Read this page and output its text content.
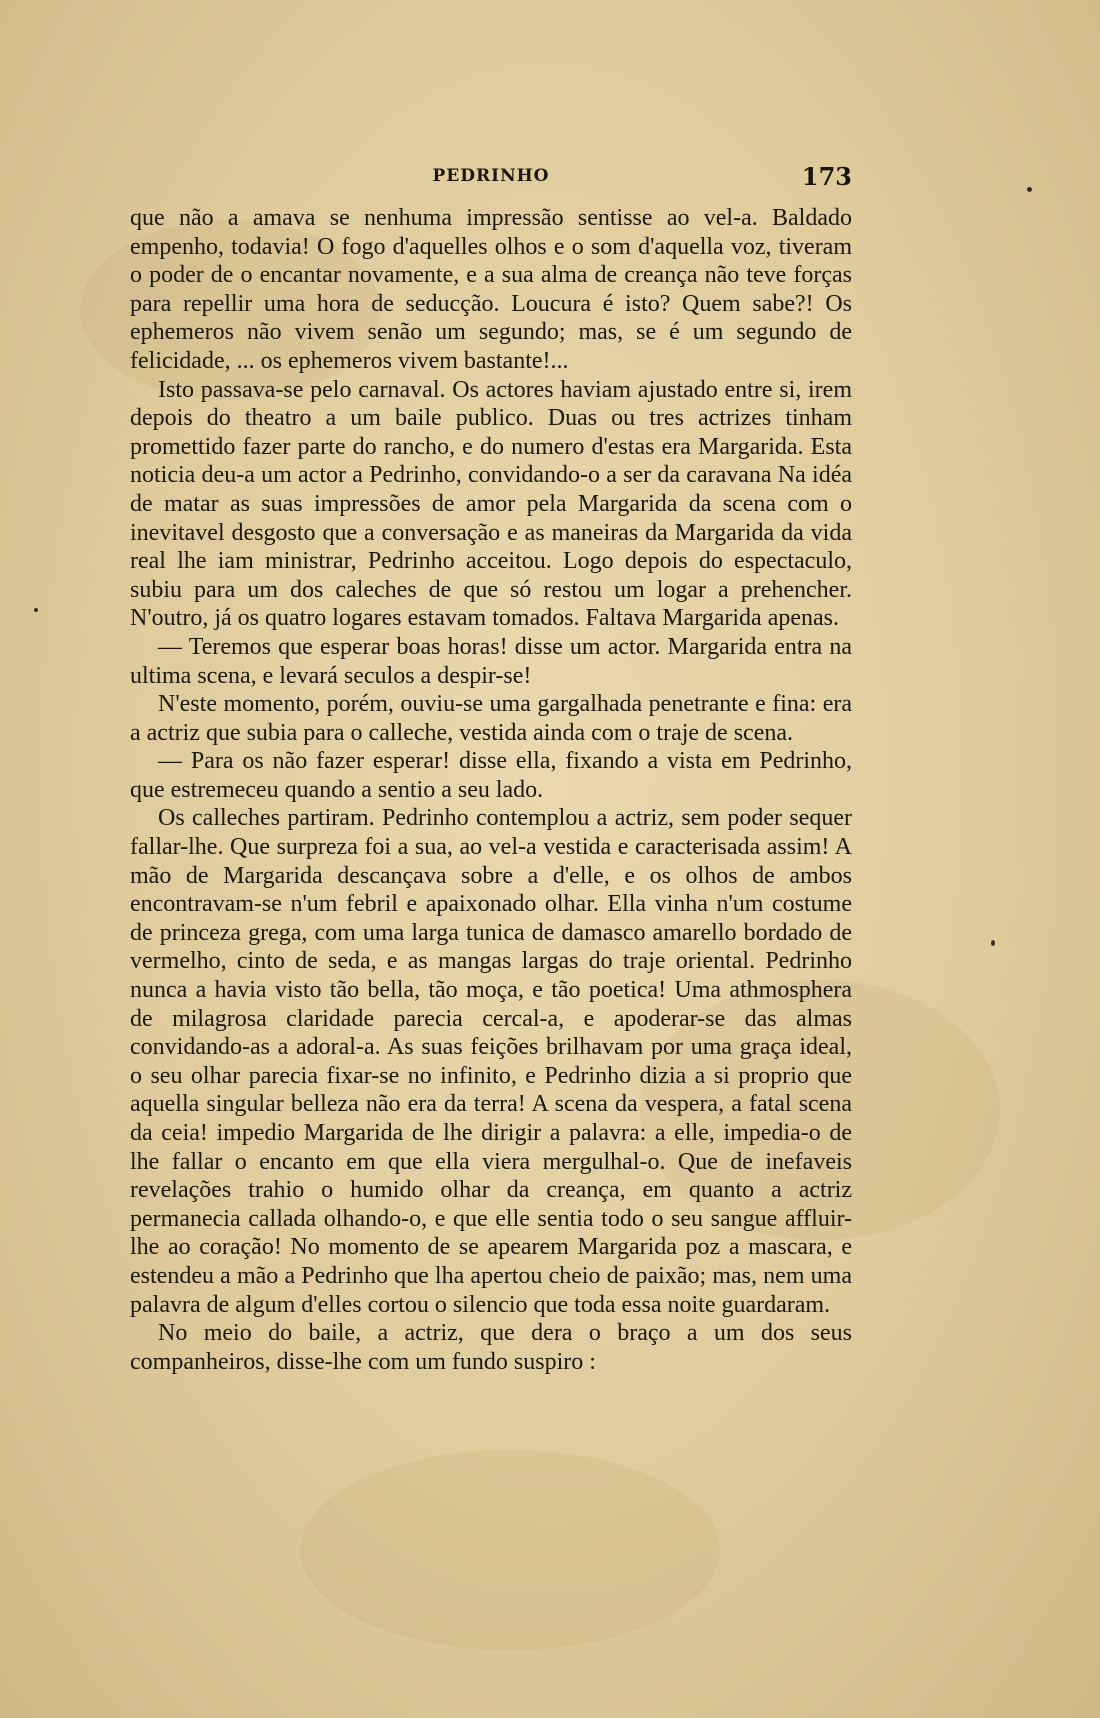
PEDRINHO	173

que não a amava se nenhuma impressão sentisse ao vel-a. Baldado empenho, todavia! O fogo d'aquelles olhos e o som d'aquella voz, tiveram o poder de o encantar novamente, e a sua alma de creança não teve forças para repellir uma hora de seducção. Loucura é isto? Quem sabe?! Os ephemeros não vivem senão um segundo; mas, se é um segundo de felicidade, ... os ephemeros vivem bastante!...

Isto passava-se pelo carnaval. Os actores haviam ajustado entre si, irem depois do theatro a um baile publico. Duas ou tres actrizes tinham promettido fazer parte do rancho, e do numero d'estas era Margarida. Esta noticia deu-a um actor a Pedrinho, convidando-o a ser da caravana Na idéa de matar as suas impressões de amor pela Margarida da scena com o inevitavel desgosto que a conversação e as maneiras da Margarida da vida real lhe iam ministrar, Pedrinho acceitou. Logo depois do espectaculo, subiu para um dos caleches de que só restou um logar a prehencher. N'outro, já os quatro logares estavam tomados. Faltava Margarida apenas.

— Teremos que esperar boas horas! disse um actor. Margarida entra na ultima scena, e levará seculos a despir-se!

N'este momento, porém, ouviu-se uma gargalhada penetrante e fina: era a actriz que subia para o calleche, vestida ainda com o traje de scena.

— Para os não fazer esperar! disse ella, fixando a vista em Pedrinho, que estremeceu quando a sentio a seu lado.

Os calleches partiram. Pedrinho contemplou a actriz, sem poder sequer fallar-lhe. Que surpreza foi a sua, ao vel-a vestida e caracterisada assim! A mão de Margarida descançava sobre a d'elle, e os olhos de ambos encontravam-se n'um febril e apaixonado olhar. Ella vinha n'um costume de princeza grega, com uma larga tunica de damasco amarello bordado de vermelho, cinto de seda, e as mangas largas do traje oriental. Pedrinho nunca a havia visto tão bella, tão moça, e tão poetica! Uma athmosphera de milagrosa claridade parecia cercal-a, e apoderar-se das almas convidando-as a adoral-a. As suas feições brilhavam por uma graça ideal, o seu olhar parecia fixar-se no infinito, e Pedrinho dizia a si proprio que aquella singular belleza não era da terra! A scena da vespera, a fatal scena da ceia! impedio Margarida de lhe dirigir a palavra: a elle, impedia-o de lhe fallar o encanto em que ella viera mergulhal-o. Que de inefaveis revelações trahio o humido olhar da creança, em quanto a actriz permanecia callada olhando-o, e que elle sentia todo o seu sangue affluir-lhe ao coração! No momento de se apearem Margarida poz a mascara, e estendeu a mão a Pedrinho que lha apertou cheio de paixão; mas, nem uma palavra de algum d'elles cortou o silencio que toda essa noite guardaram.

No meio do baile, a actriz, que dera o braço a um dos seus companheiros, disse-lhe com um fundo suspiro :
